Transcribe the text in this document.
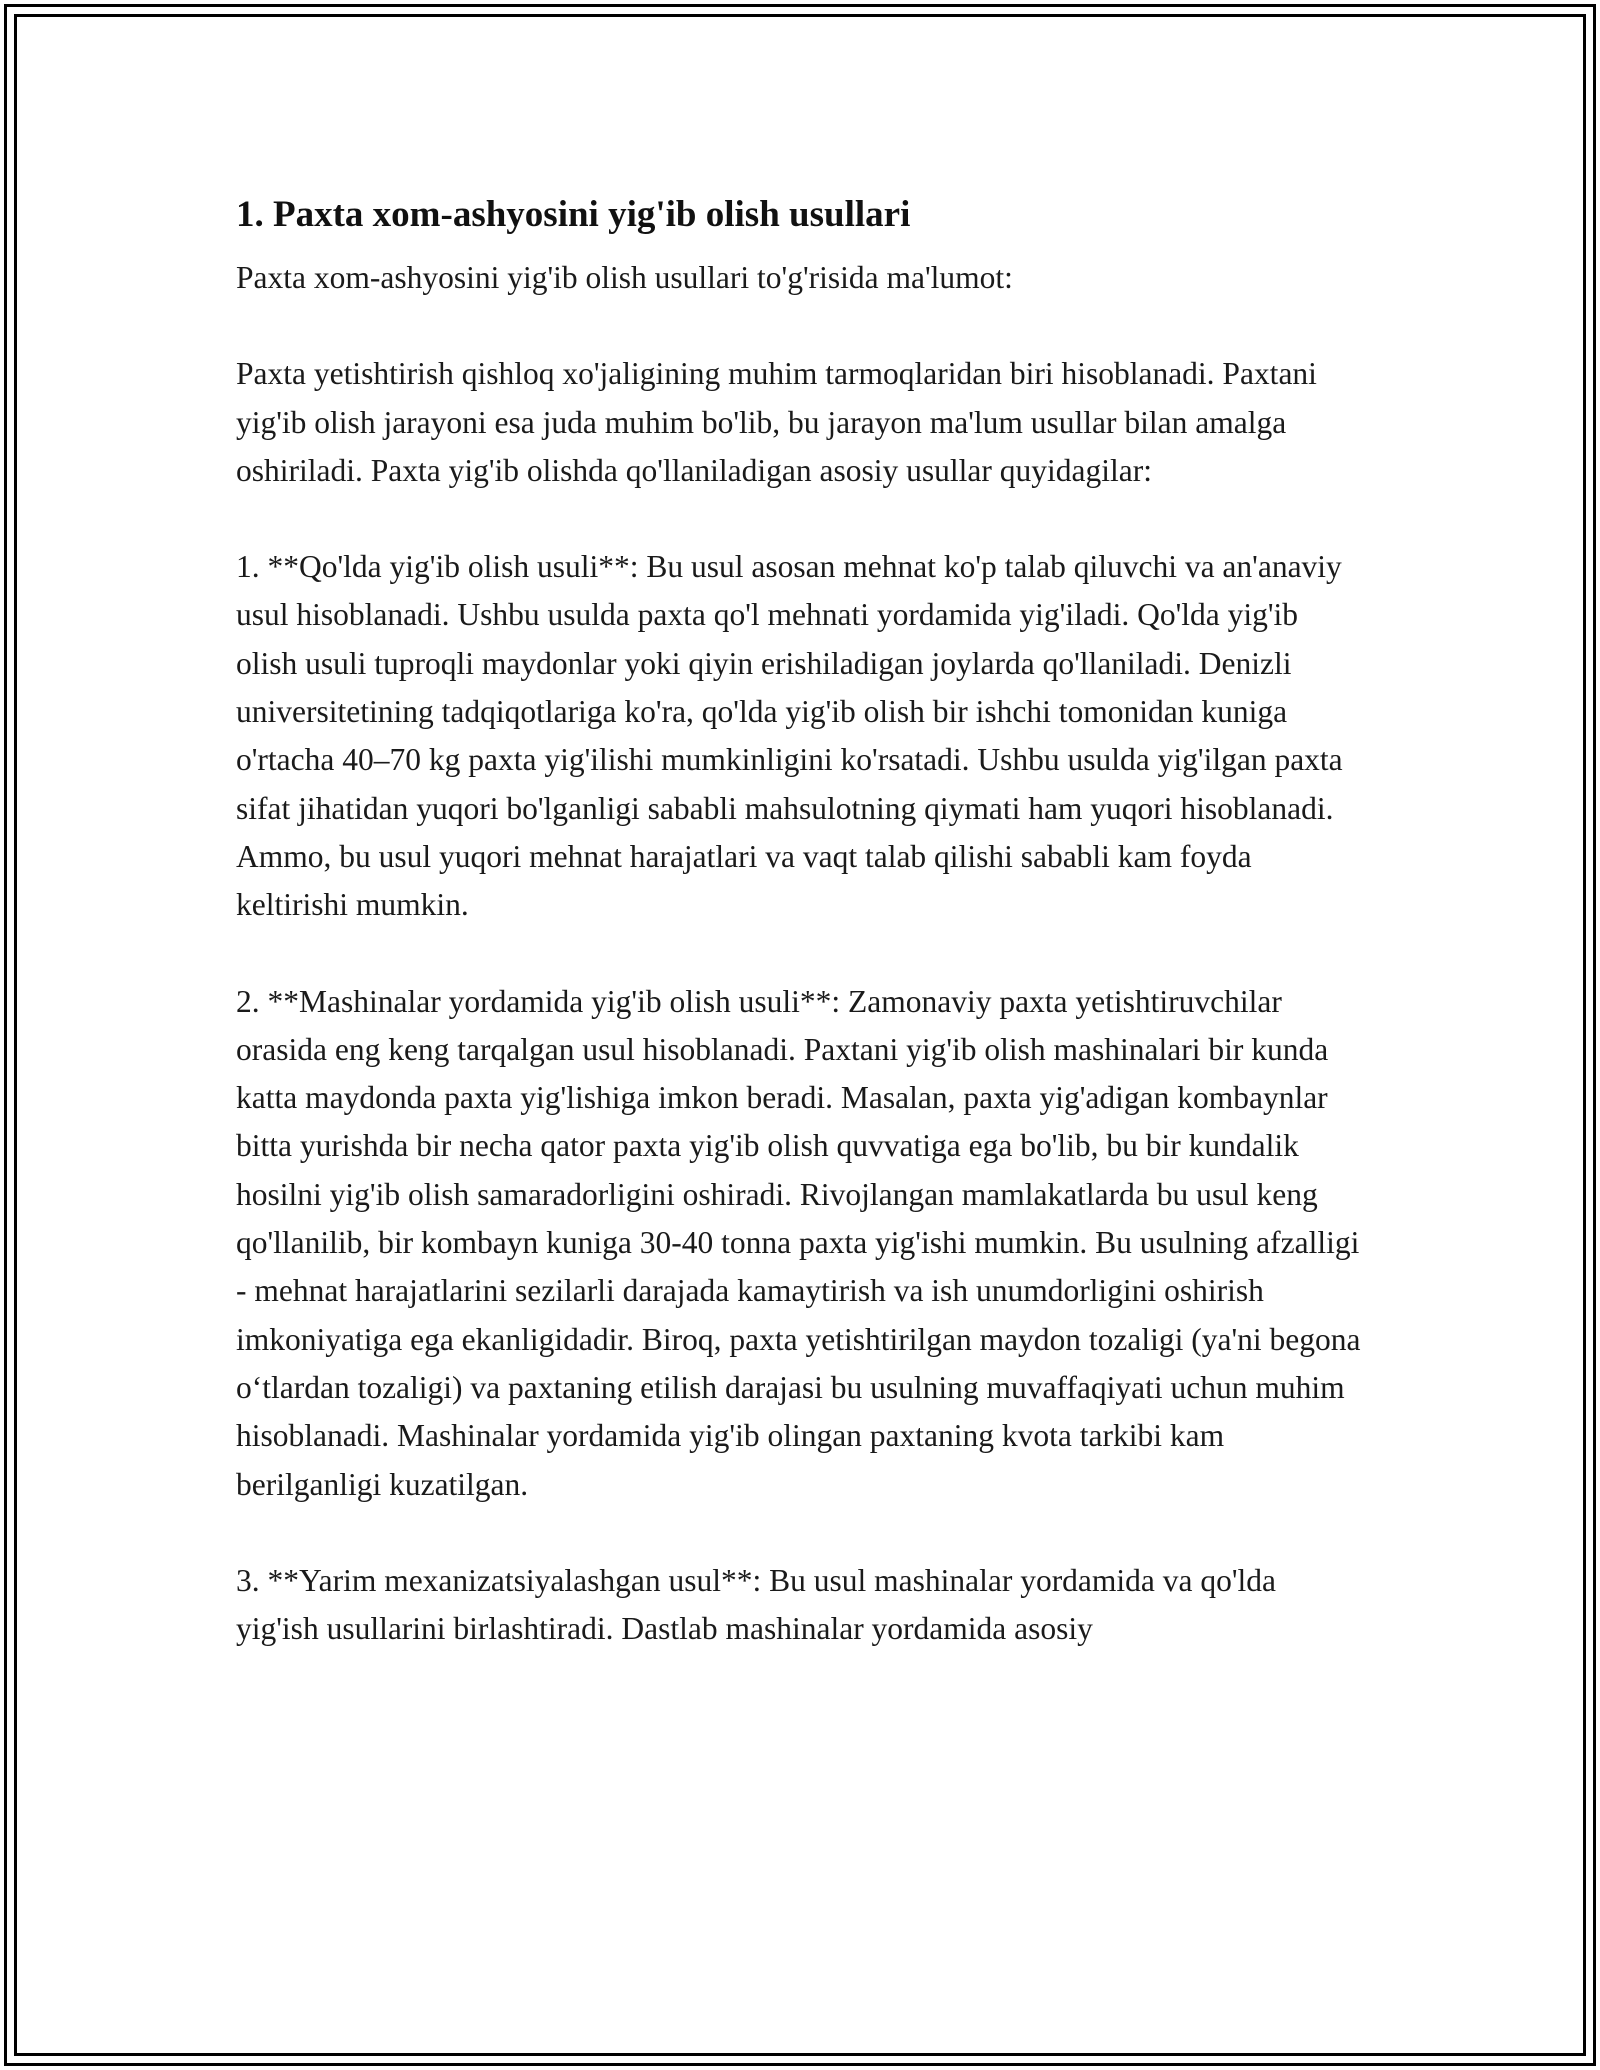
1. Paxta xom-ashyosini yig'ib olish usullari

Paxta xom-ashyosini yig'ib olish usullari to'g'risida ma'lumot:

Paxta yetishtirish qishloq xo'jaligining muhim tarmoqlaridan biri hisoblanadi. Paxtani yig'ib olish jarayoni esa juda muhim bo'lib, bu jarayon ma'lum usullar bilan amalga oshiriladi. Paxta yig'ib olishda qo'llaniladigan asosiy usullar quyidagilar:

1. **Qo'lda yig'ib olish usuli**: Bu usul asosan mehnat ko'p talab qiluvchi va an'anaviy usul hisoblanadi. Ushbu usulda paxta qo'l mehnati yordamida yig'iladi. Qo'lda yig'ib olish usuli tuproqli maydonlar yoki qiyin erishiladigan joylarda qo'llaniladi. Denizli universitetining tadqiqotlariga ko'ra, qo'lda yig'ib olish bir ishchi tomonidan kuniga o'rtacha 40–70 kg paxta yig'ilishi mumkinligini ko'rsatadi. Ushbu usulda yig'ilgan paxta sifat jihatidan yuqori bo'lganligi sababli mahsulotning qiymati ham yuqori hisoblanadi. Ammo, bu usul yuqori mehnat harajatlari va vaqt talab qilishi sababli kam foyda keltirishi mumkin.

2. **Mashinalar yordamida yig'ib olish usuli**: Zamonaviy paxta yetishtiruvchilar orasida eng keng tarqalgan usul hisoblanadi. Paxtani yig'ib olish mashinalari bir kunda katta maydonda paxta yig'lishiga imkon beradi. Masalan, paxta yig'adigan kombaynlar bitta yurishda bir necha qator paxta yig'ib olish quvvatiga ega bo'lib, bu bir kundalik hosilni yig'ib olish samaradorligini oshiradi. Rivojlangan mamlakatlarda bu usul keng qo'llanilib, bir kombayn kuniga 30-40 tonna paxta yig'ishi mumkin. Bu usulning afzalligi - mehnat harajatlarini sezilarli darajada kamaytirish va ish unumdorligini oshirish imkoniyatiga ega ekanligidadir. Biroq, paxta yetishtirilgan maydon tozaligi (ya'ni begona o‘tlardan tozaligi) va paxtaning etilish darajasi bu usulning muvaffaqiyati uchun muhim hisoblanadi. Mashinalar yordamida yig'ib olingan paxtaning kvota tarkibi kam berilganligi kuzatilgan.

3. **Yarim mexanizatsiyalashgan usul**: Bu usul mashinalar yordamida va qo'lda yig'ish usullarini birlashtiradi. Dastlab mashinalar yordamida asosiy
